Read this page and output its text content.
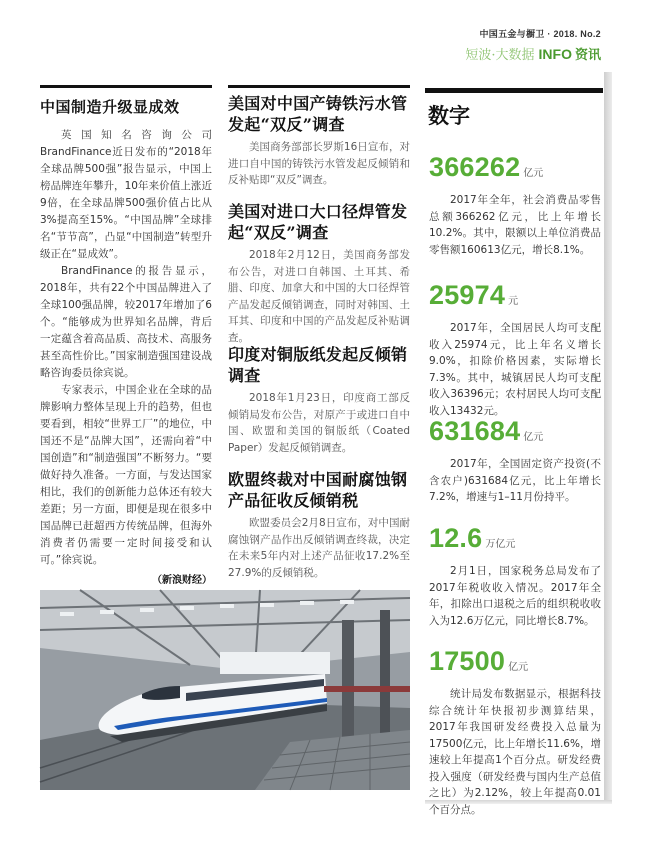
中国五金与橱卫 · 2018. No.2
短波·大数据 INFO 资讯
中国制造升级显成效

英国知名咨询公司BrandFinance近日发布的“2018年全球品牌500强”报告显示，中国上榜品牌连年攀升，10年来价值上涨近9倍，在全球品牌500强价值占比从3%提高至15%。“中国品牌”全球排名“节节高”，凸显“中国制造”转型升级正在“显成效”。

BrandFinance的报告显示，2018年，共有22个中国品牌进入了全球100强品牌，较2017年增加了6个。“能够成为世界知名品牌，背后一定蕴含着高品质、高技术、高服务甚至高性价比。”国家制造强国建设战略咨询委员徐宾说。

专家表示，中国企业在全球的品牌影响力整体呈现上升的趋势，但也要看到，相较“世界工厂”的地位，中国还不是“品牌大国”，还需向着“中国创造”和“制造强国”不断努力。“要做好持久准备。一方面，与发达国家相比，我们的创新能力总体还有较大差距；另一方面，即便是现在很多中国品牌已赶超西方传统品牌，但海外消费者仍需要一定时间接受和认可。”徐宾说。

（新浪财经）
美国对中国产铸铁污水管发起“双反”调查

美国商务部部长罗斯16日宣布，对进口自中国的铸铁污水管发起反倾销和反补贴即“双反”调查。

美国对进口大口径焊管发起“双反”调查

2018年2月12日，美国商务部发布公告，对进口自韩国、土耳其、希腊、印度、加拿大和中国的大口径焊管产品发起反倾销调查，同时对韩国、土耳其、印度和中国的产品发起反补贴调查。

印度对铜版纸发起反倾销调查

2018年1月23日，印度商工部反倾销局发布公告，对原产于或进口自中国、欧盟和美国的铜版纸（Coated Paper）发起反倾销调查。

欧盟终裁对中国耐腐蚀钢产品征收反倾销税

欧盟委员会2月8日宣布，对中国耐腐蚀钢产品作出反倾销调查终裁，决定在未来5年内对上述产品征收17.2%至27.9%的反倾销税。

数字
366262 亿元

2017年全年，社会消费品零售总额366262亿元，比上年增长10.2%。其中，限额以上单位消费品零售额160613亿元，增长8.1%。

25974 元

2017年，全国居民人均可支配收入25974元，比上年名义增长9.0%，扣除价格因素，实际增长7.3%。其中，城镇居民人均可支配收入36396元；农村居民人均可支配收入13432元。

631684 亿元

2017年，全国固定资产投资(不含农户)631684亿元，比上年增长7.2%，增速与1–11月份持平。

12.6 万亿元

2月1日，国家税务总局发布了2017年税收收入情况。2017年全年，扣除出口退税之后的组织税收收入为12.6万亿元，同比增长8.7%。

17500 亿元

统计局发布数据显示，根据科技综合统计年快报初步测算结果，2017年我国研发经费投入总量为17500亿元，比上年增长11.6%，增速较上年提高1个百分点。研发经费投入强度（研发经费与国内生产总值之比）为2.12%，较上年提高0.01个百分点。
